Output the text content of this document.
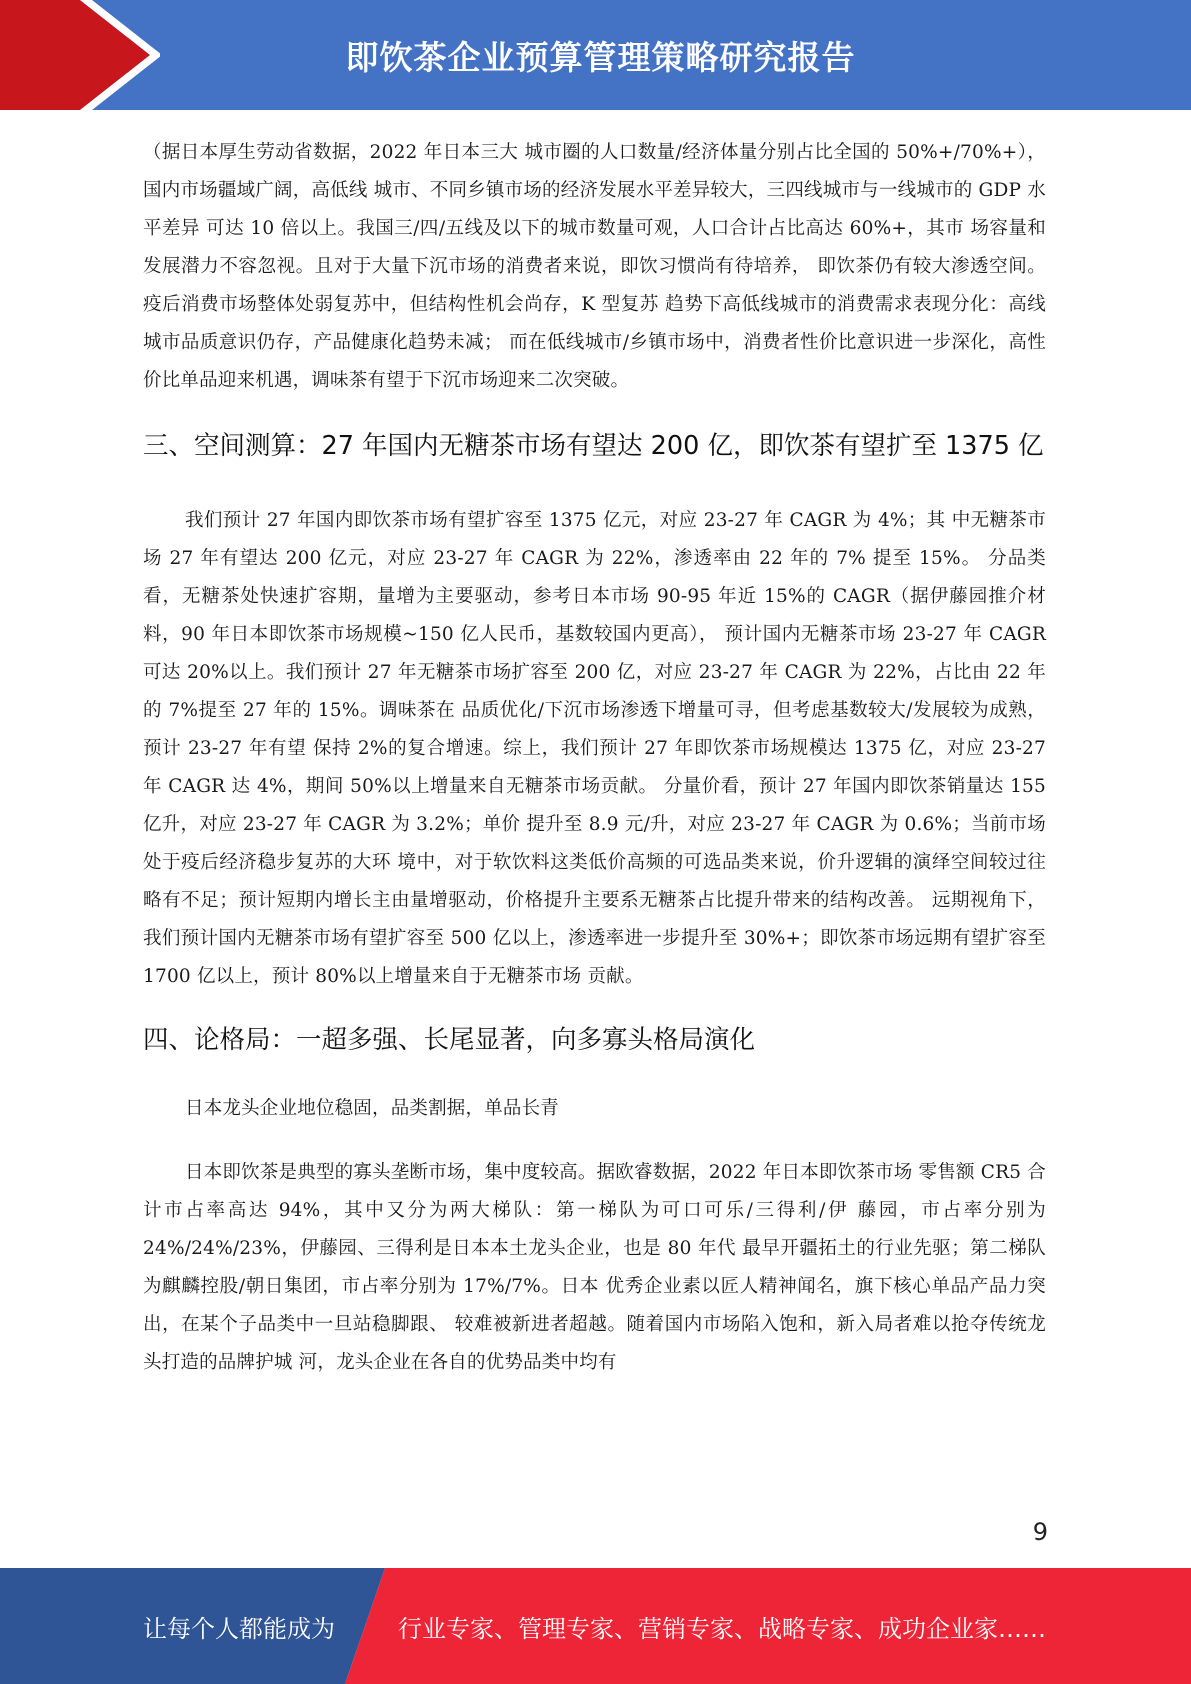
即饮茶企业预算管理策略研究报告

（据日本厚生劳动省数据，2022 年日本三大 城市圈的人口数量/经济体量分别占比全国的 50%+/70%+），国内市场疆域广阔，高低线 城市、不同乡镇市场的经济发展水平差异较大，三四线城市与一线城市的 GDP 水平差异 可达 10 倍以上。我国三/四/五线及以下的城市数量可观，人口合计占比高达 60%+，其市 场容量和发展潜力不容忽视。且对于大量下沉市场的消费者来说，即饮习惯尚有待培养， 即饮茶仍有较大渗透空间。疫后消费市场整体处弱复苏中，但结构性机会尚存，K 型复苏 趋势下高低线城市的消费需求表现分化：高线城市品质意识仍存，产品健康化趋势未减； 而在低线城市/乡镇市场中，消费者性价比意识进一步深化，高性价比单品迎来机遇，调味茶有望于下沉市场迎来二次突破。

三、空间测算：27 年国内无糖茶市场有望达 200 亿，即饮茶有望扩至 1375 亿

我们预计 27 年国内即饮茶市场有望扩容至 1375 亿元，对应 23-27 年 CAGR 为 4%；其 中无糖茶市场 27 年有望达 200 亿元，对应 23-27 年 CAGR 为 22%，渗透率由 22 年的 7% 提至 15%。 分品类看，无糖茶处快速扩容期，量增为主要驱动，参考日本市场 90-95 年近 15%的 CAGR（据伊藤园推介材料，90 年日本即饮茶市场规模~150 亿人民币，基数较国内更高）， 预计国内无糖茶市场 23-27 年 CAGR 可达 20%以上。我们预计 27 年无糖茶市场扩容至 200 亿，对应 23-27 年 CAGR 为 22%，占比由 22 年的 7%提至 27 年的 15%。调味茶在 品质优化/下沉市场渗透下增量可寻，但考虑基数较大/发展较为成熟，预计 23-27 年有望 保持 2%的复合增速。综上，我们预计 27 年即饮茶市场规模达 1375 亿，对应 23-27 年 CAGR 达 4%，期间 50%以上增量来自无糖茶市场贡献。 分量价看，预计 27 年国内即饮茶销量达 155 亿升，对应 23-27 年 CAGR 为 3.2%；单价 提升至 8.9 元/升，对应 23-27 年 CAGR 为 0.6%；当前市场处于疫后经济稳步复苏的大环 境中，对于软饮料这类低价高频的可选品类来说，价升逻辑的演绎空间较过往略有不足；预计短期内增长主由量增驱动，价格提升主要系无糖茶占比提升带来的结构改善。 远期视角下，我们预计国内无糖茶市场有望扩容至 500 亿以上，渗透率进一步提升至 30%+；即饮茶市场远期有望扩容至 1700 亿以上，预计 80%以上增量来自于无糖茶市场 贡献。

四、论格局：一超多强、长尾显著，向多寡头格局演化

日本龙头企业地位稳固，品类割据，单品长青

日本即饮茶是典型的寡头垄断市场，集中度较高。据欧睿数据，2022 年日本即饮茶市场 零售额 CR5 合计市占率高达 94%，其中又分为两大梯队：第一梯队为可口可乐/三得利/伊 藤园，市占率分别为 24%/24%/23%，伊藤园、三得利是日本本土龙头企业，也是 80 年代 最早开疆拓土的行业先驱；第二梯队为麒麟控股/朝日集团，市占率分别为 17%/7%。日本 优秀企业素以匠人精神闻名，旗下核心单品产品力突出，在某个子品类中一旦站稳脚跟、 较难被新进者超越。随着国内市场陷入饱和，新入局者难以抢夺传统龙头打造的品牌护城 河，龙头企业在各自的优势品类中均有

9
让每个人都能成为	行业专家、管理专家、营销专家、战略专家、成功企业家……
